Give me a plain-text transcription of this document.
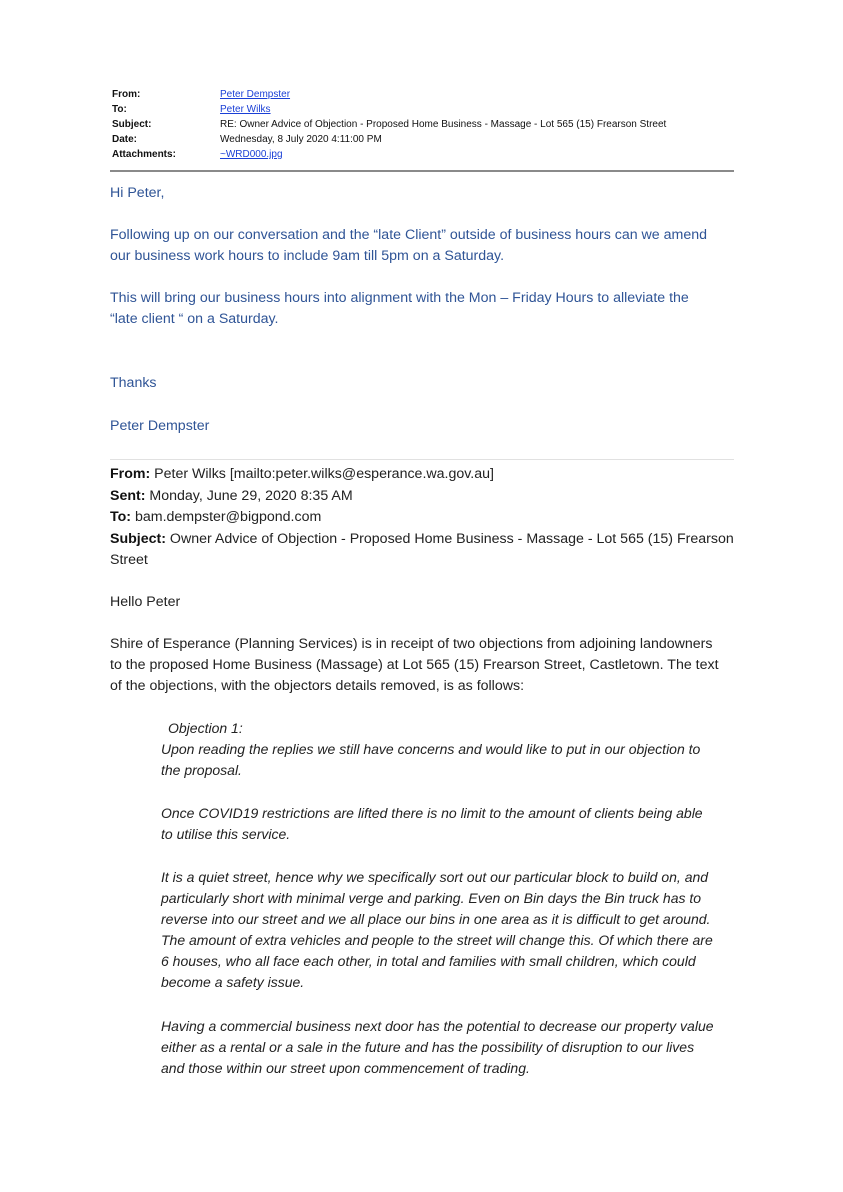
From:	Peter Dempster
To:	Peter Wilks
Subject:	RE: Owner Advice of Objection - Proposed Home Business - Massage - Lot 565 (15) Frearson Street
Date:	Wednesday, 8 July 2020 4:11:00 PM
Attachments:	~WRD000.jpg
Hi Peter,
Following up on our conversation and the “late Client” outside of business hours can we amend
our business work hours to include 9am till 5pm on a Saturday.
This will bring our business hours into alignment with the Mon – Friday Hours to alleviate the
“late client “ on a Saturday.
Thanks
Peter Dempster
From: Peter Wilks [mailto:peter.wilks@esperance.wa.gov.au]
Sent: Monday, June 29, 2020 8:35 AM
To: bam.dempster@bigpond.com
Subject: Owner Advice of Objection - Proposed Home Business - Massage - Lot 565 (15) Frearson
Street
Hello Peter
Shire of Esperance (Planning Services) is in receipt of two objections from adjoining landowners
to the proposed Home Business (Massage) at Lot 565 (15) Frearson Street, Castletown. The text
of the objections, with the objectors details removed, is as follows:
Objection 1:
Upon reading the replies we still have concerns and would like to put in our objection to
the proposal.
Once COVID19 restrictions are lifted there is no limit to the amount of clients being able
to utilise this service.
It is a quiet street, hence why we specifically sort out our particular block to build on, and
particularly short with minimal verge and parking. Even on Bin days the Bin truck has to
reverse into our street and we all place our bins in one area as it is difficult to get around.
The amount of extra vehicles and people to the street will change this. Of which there are
6 houses, who all face each other, in total and families with small children, which could
become a safety issue.
Having a commercial business next door has the potential to decrease our property value
either as a rental or a sale in the future and has the possibility of disruption to our lives
and those within our street upon commencement of trading.
